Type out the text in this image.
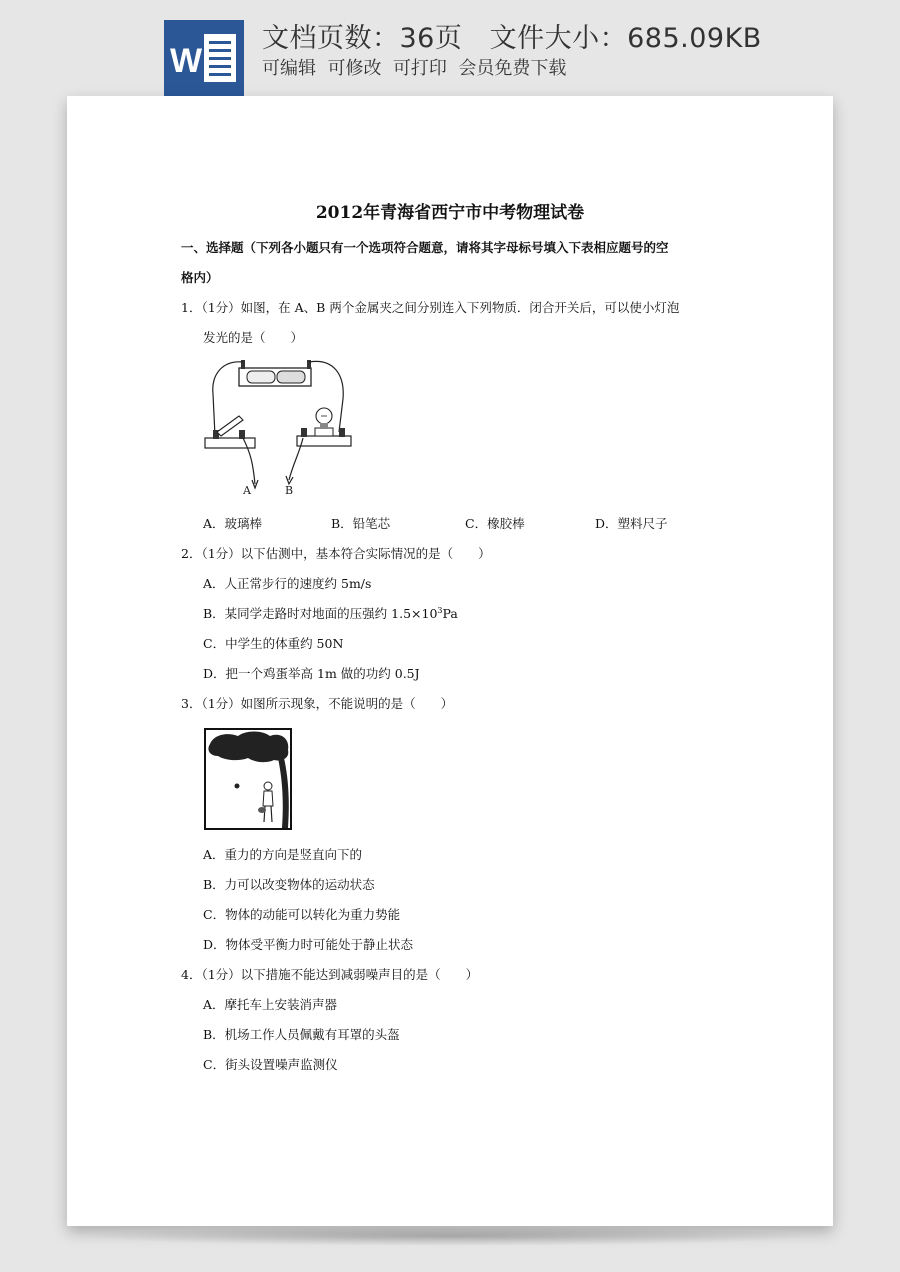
W
文档页数：36页 文件大小：685.09KB
可编辑  可修改  可打印  会员免费下载
2012年青海省西宁市中考物理试卷
一、选择题（下列各小题只有一个选项符合题意，请将其字母标号填入下表相应题号的空
格内）
1．（1分）如图，在 A、B 两个金属夹之间分别连入下列物质．闭合开关后，可以使小灯泡
发光的是（　　）
A	B
A．玻璃棒	B．铅笔芯	C．橡胶棒	D．塑料尺子
2．（1分）以下估测中，基本符合实际情况的是（　　）
A．人正常步行的速度约 5m/s
B．某同学走路时对地面的压强约 $1.5\times 10^3Pa$
C．中学生的体重约 50N
D．把一个鸡蛋举高 1m 做的功约 0.5J
3．（1分）如图所示现象，不能说明的是（　　）
A．重力的方向是竖直向下的
B．力可以改变物体的运动状态
C．物体的动能可以转化为重力势能
D．物体受平衡力时可能处于静止状态
4．（1分）以下措施不能达到减弱噪声目的是（　　）
A．摩托车上安装消声器
B．机场工作人员佩戴有耳罩的头盔
C．街头设置噪声监测仪
